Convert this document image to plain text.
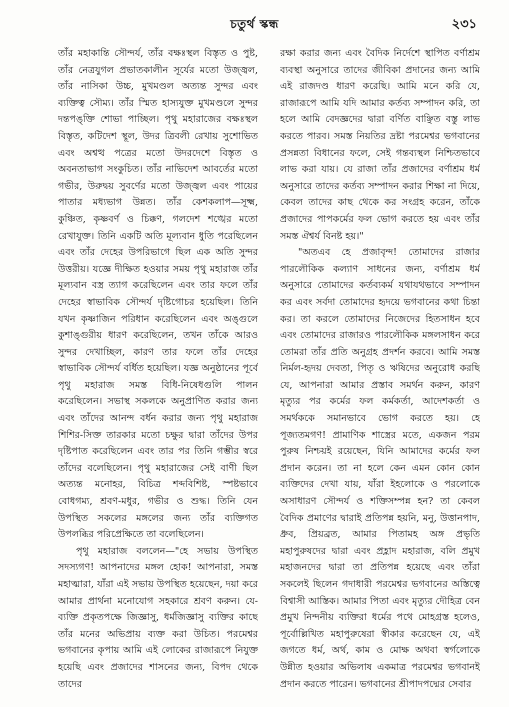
চতুর্থ স্কন্ধ	২৩১

তাঁর মহাকান্তি সৌন্দর্য, তাঁর বক্ষঃস্থল বিস্তৃত ও পুষ্ট, তাঁর নেত্রযুগল প্রভাতকালীন সূর্যের মতো উজ্জ্বল, তাঁর নাসিকা উচ্চ, মুখমণ্ডল অত্যন্ত সুন্দর এবং ব্যক্তিত্ব সৌম্য। তাঁর স্মিত হাস্যযুক্ত মুখমণ্ডলে সুন্দর দন্তপঙ্‌ক্তি শোভা পাচ্ছিল। পৃথু মহারাজের বক্ষঃস্থল বিস্তৃত, কটিদেশ স্থূল, উদর ত্রিবলী রেখায় সুশোভিত এবং অশ্বত্থ পত্রের মতো উদরদেশে বিস্তৃত ও অবনতাভাগ সংকুচিত। তাঁর নাভিদেশ আবর্তের মতো গভীর, উরুদ্বয় সুবর্ণের মতো উজ্জ্বল এবং পায়ের পাতার মধ্যভাগ উন্নত। তাঁর কেশকলাপ—সূক্ষ্ম, কুঞ্চিত, কৃষ্ণবর্ণ ও চিক্কণ, গলদেশ শঙ্খের মতো রেখাযুক্ত। তিনি একটি অতি মূল্যবান ধুতি পরেছিলেন এবং তাঁর দেহের উপরিভাগে ছিল এক অতি সুন্দর উত্তরীয়। যজ্ঞে দীক্ষিত হওয়ার সময় পৃথু মহারাজ তাঁর মূল্যবান বস্ত্র ত্যাগ করেছিলেন এবং তার ফলে তাঁর দেহের স্বাভাবিক সৌন্দর্য দৃষ্টিগোচর হয়েছিল। তিনি যখন কৃষ্ণাজিন পরিধান করেছিলেন এবং অঙ্গুলে কুশাঙ্গুরীয় ধারণ করেছিলেন, তখন তাঁকে আরও সুন্দর দেখাচ্ছিল, কারণ তার ফলে তাঁর দেহের স্বাভাবিক সৌন্দর্য বর্ধিত হয়েছিল। যজ্ঞ অনুষ্ঠানের পূর্বে পৃথু মহারাজ সমস্ত বিধি-নিষেধগুলি পালন করেছিলেন। সভাস্থ সকলকে অনুপ্রাণিত করার জন্য এবং তাঁদের আনন্দ বর্ধন করার জন্য পৃথু মহারাজ শিশির-সিক্ত তারকার মতো চক্ষুর দ্বারা তাঁদের উপর দৃষ্টিপাত করেছিলেন এবং তার পর তিনি গম্ভীর স্বরে তাঁদের বলেছিলেন। পৃথু মহারাজের সেই বাণী ছিল অত্যন্ত মনোহর, বিচিত্র শব্দবিশিষ্ট, স্পষ্টভাবে বোধগম্য, শ্রবণ-মধুর, গভীর ও শুদ্ধ। তিনি যেন উপস্থিত সকলের মঙ্গলের জন্য তাঁর ব্যক্তিগত উপলব্ধির পরিপ্রেক্ষিতে তা বলেছিলেন।

পৃথু মহারাজ বললেন—"হে সভায় উপস্থিত সদস্যগণ! আপনাদের মঙ্গল হোক! আপনারা, সমস্ত মহাত্মারা, যাঁরা এই সভায় উপস্থিত হয়েছেন, দয়া করে আমার প্রার্থনা মনোযোগ সহকারে শ্রবণ করুন। যে-ব্যক্তি প্রকৃতপক্ষে জিজ্ঞাসু, ধর্মজিজ্ঞাসু ব্যক্তির কাছে তাঁর মনের অভিপ্রায় ব্যক্ত করা উচিত। পরমেশ্বর ভগবানের কৃপায় আমি এই লোকের রাজারূপে নিযুক্ত হয়েছি এবং প্রজাদের শাসনের জন্য, বিপদ থেকে তাদের

রক্ষা করার জন্য এবং বৈদিক নির্দেশে স্থাপিত বর্ণাশ্রম ব্যবস্থা অনুসারে তাদের জীবিকা প্রদানের জন্য আমি এই রাজদণ্ড ধারণ করেছি। আমি মনে করি যে, রাজারূপে আমি যদি আমার কর্তব্য সম্পাদন করি, তা হলে আমি বেদজ্ঞদের দ্বারা বর্ণিত বাঞ্ছিত বস্তু লাভ করতে পারব। সমস্ত নিয়তির দ্রষ্টা পরমেশ্বর ভগবানের প্রসন্নতা বিধানের ফলে, সেই গন্তব্যস্থল নিশ্চিতভাবে লাভ করা যায়। যে রাজা তাঁর প্রজাদের বর্ণাশ্রম ধর্ম অনুসারে তাদের কর্তব্য সম্পাদন করার শিক্ষা না দিয়ে, কেবল তাদের কাছ থেকে কর সংগ্রহ করেন, তাঁকে প্রজাদের পাপকর্মের ফল ভোগ করতে হয় এবং তাঁর সমস্ত ঐশ্বর্য বিনষ্ট হয়।"

"অতএব হে প্রজাবৃন্দ! তোমাদের রাজার পারলৌকিক কল্যাণ সাধনের জন্য, বর্ণাশ্রম ধর্ম অনুসারে তোমাদের কর্তব্যকর্ম যথাযথভাবে সম্পাদন কর এবং সর্বদা তোমাদের হৃদয়ে ভগবানের কথা চিন্তা কর। তা করলে তোমাদের নিজেদের হিতসাধন হবে এবং তোমাদের রাজারও পারলৌকিক মঙ্গলসাধন করে তোমরা তাঁর প্রতি অনুগ্রহ প্রদর্শন করবে। আমি সমস্ত নির্মল-হৃদয় দেবতা, পিতৃ ও ঋষিদের অনুরোধ করছি যে, আপনারা আমার প্রস্তাব সমর্থন করুন, কারণ মৃত্যুর পর কর্মের ফল কর্মকর্তা, আদেশকর্তা ও সমর্থককে সমানভাবে ভোগ করতে হয়। হে পূজ্যতমগণ! প্রামাণিক শাস্ত্রের মতে, একজন পরম পুরুষ নিশ্চয়ই রয়েছেন, যিনি আমাদের কর্মের ফল প্রদান করেন। তা না হলে কেন এমন কোন কোন ব্যক্তিদের দেখা যায়, যাঁরা ইহলোকে ও পরলোকে অসাধারণ সৌন্দর্য ও শক্তিসম্পন্ন হন? তা কেবল বৈদিক প্রমাণের দ্বারাই প্রতিপন্ন হয়নি, মনু, উত্তানপাদ, ধ্রুব, প্রিয়ব্রত, আমার পিতামহ অঙ্গ প্রভৃতি মহাপুরুষদের দ্বারা এবং প্রহ্লাদ মহারাজ, বলি প্রমুখ মহাজনদের দ্বারা তা প্রতিপন্ন হয়েছে এবং তাঁরা সকলেই ছিলেন গদাধারী পরমেশ্বর ভগবানের অস্তিত্বে বিশ্বাসী আস্তিক। আমার পিতা এবং মৃত্যুর দৌহিত্র বেন প্রমুখ নিন্দনীয় ব্যক্তিরা ধর্মের পথে মোহগ্রস্ত হলেও, পূর্বোল্লিখিত মহাপুরুষেরা স্বীকার করেছেন যে, এই জগতে ধর্ম, অর্থ, কাম ও মোক্ষ অথবা স্বর্গলোকে উন্নীত হওয়ার অভিলাষ একমাত্র পরমেশ্বর ভগবানই প্রদান করতে পারেন। ভগবানের শ্রীপাদপদ্মের সেবার
